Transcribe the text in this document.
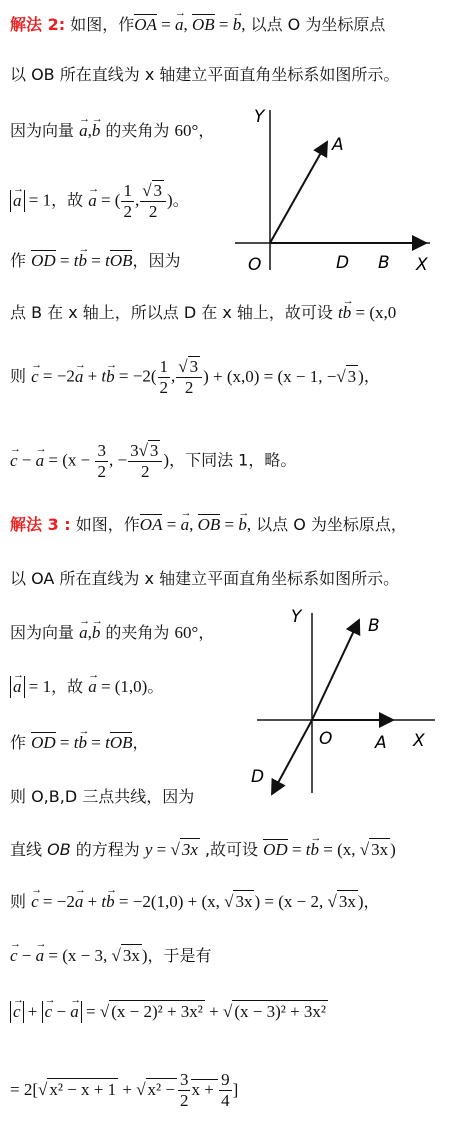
解法 2: 如图，作OA = → a, OB = → b, 以点 O 为坐标原点
以 OB 所在直线为 x 轴建立平面直角坐标系如图所示。
因为向量 → a,→ b 的夹角为 60°，
→ a = 1，故 → a = ( $\frac{1}{2}$ , $\frac{√ 3}{2}$ )。
作 OD = t→ b = tOB，因为
Y
A
O	D B X
点 B 在 x 轴上，所以点 D 在 x 轴上，故可设 t→ b = (x,0
则 → $c = -2\to a + t\to b = -2( \frac{1}{2}$ , $\frac{√ 3}{2}$ ) + (x,0) = (x − 1, −√ 3 )，
→ c − → $a = (x - \frac{3}{2}$ , − $\frac{3√ 3}{2}$ )，下同法 1，略。
解法 3 : 如图，作OA = → a, OB = → b, 以点 O 为坐标原点，
以 OA 所在直线为 x 轴建立平面直角坐标系如图所示。
因为向量 → a,→ b 的夹角为 60°，
→ a = 1，故 → a = (1,0)。
作 OD = t→ b = tOB，
则 O,B,D 三点共线，因为
Y	B
O	A X
D
直线 OB 的方程为 y = √ 3x ,故可设 OD = t→ b = (x, √ 3x )
则 → c = −2→ a + t→ b = −2(1,0) + (x, √ 3x ) = (x − 2, √ 3x )，
→ c − → a = (x − 3, √ 3x )，于是有
→ c + → c − → a = √ (x − 2)² + 3x² + √ (x − 3)² + 3x²
= 2[√ x² − x + 1 + √ $x^2 - \frac{3}{2}$ $x + \frac{9}{4}$ ]
